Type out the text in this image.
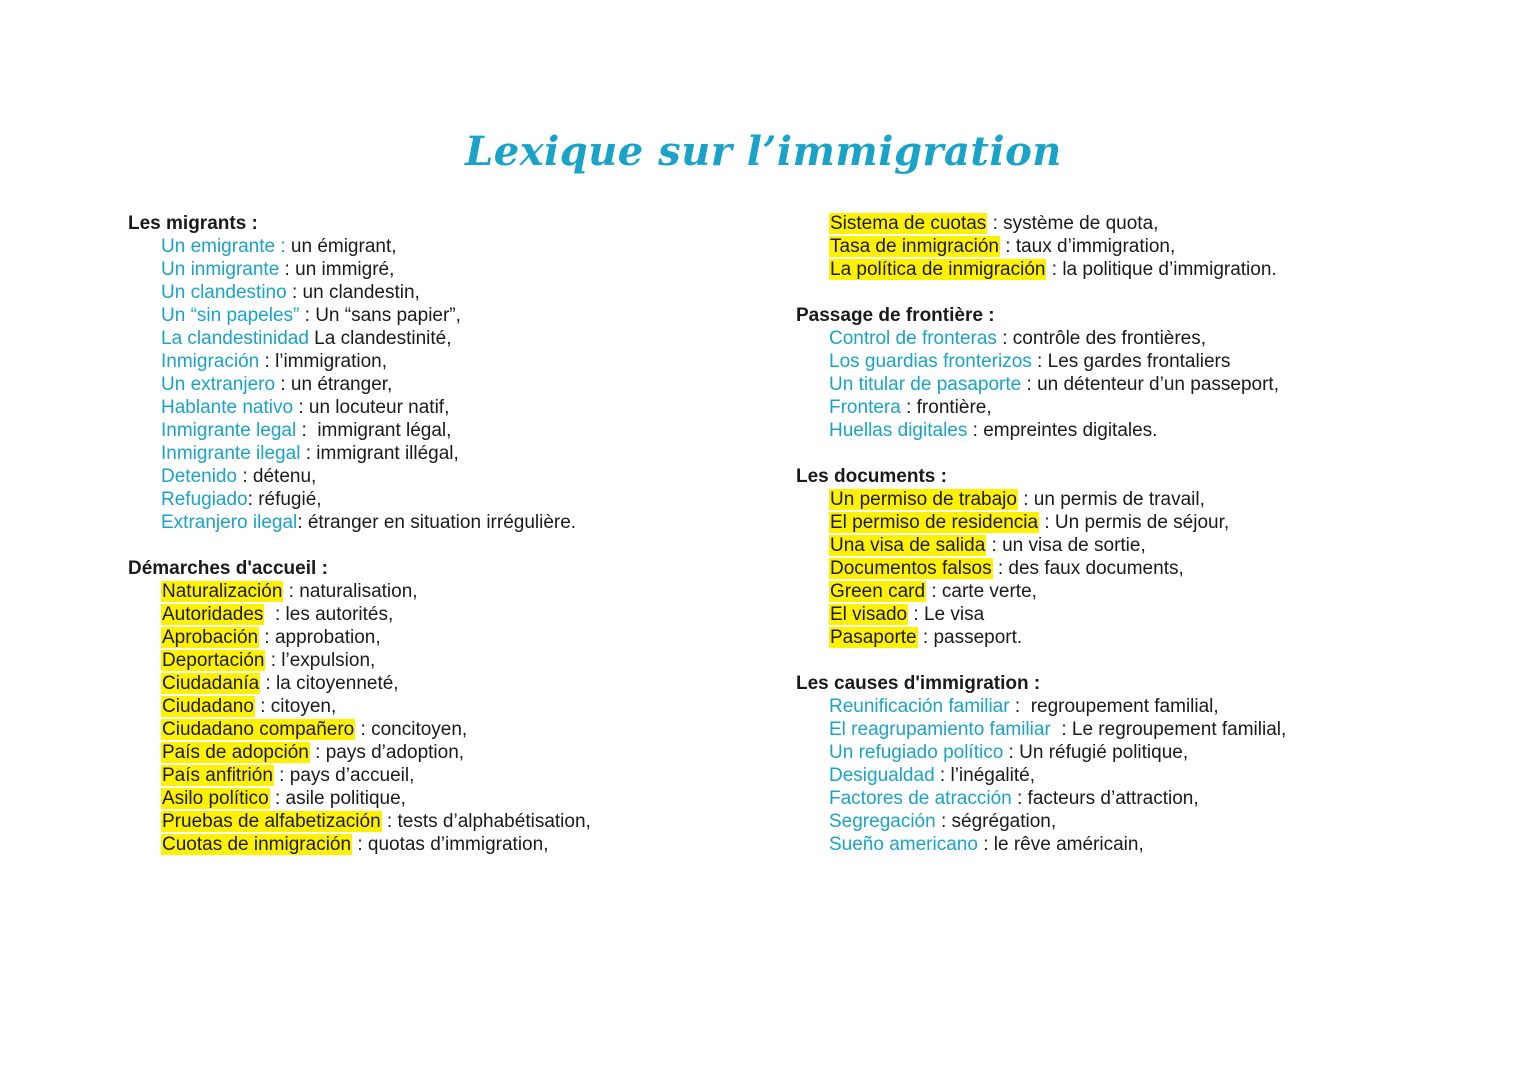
Lexique sur l’immigration
Les migrants :
Un emigrante : un émigrant,
Un inmigrante : un immigré,
Un clandestino : un clandestin,
Un “sin papeles” : Un “sans papier”,
La clandestinidad La clandestinité,
Inmigración : l’immigration,
Un extranjero : un étranger,
Hablante nativo : un locuteur natif,
Inmigrante legal :  immigrant légal,
Inmigrante ilegal : immigrant illégal,
Detenido : détenu,
Refugiado: réfugié,
Extranjero ilegal: étranger en situation irrégulière.
Démarches d'accueil :
Naturalización : naturalisation,
Autoridades  : les autorités,
Aprobación : approbation,
Deportación : l’expulsion,
Ciudadanía : la citoyenneté,
Ciudadano : citoyen,
Ciudadano compañero : concitoyen,
País de adopción : pays d’adoption,
País anfitrión : pays d’accueil,
Asilo político : asile politique,
Pruebas de alfabetización : tests d’alphabétisation,
Cuotas de inmigración : quotas d’immigration,
Sistema de cuotas : système de quota,
Tasa de inmigración : taux d’immigration,
La política de inmigración : la politique d’immigration.
Passage de frontière :
Control de fronteras : contrôle des frontières,
Los guardias fronterizos : Les gardes frontaliers
Un titular de pasaporte : un détenteur d’un passeport,
Frontera : frontière,
Huellas digitales : empreintes digitales.
Les documents :
Un permiso de trabajo : un permis de travail,
El permiso de residencia : Un permis de séjour,
Una visa de salida : un visa de sortie,
Documentos falsos : des faux documents,
Green card : carte verte,
El visado : Le visa
Pasaporte : passeport.
Les causes d'immigration :
Reunificación familiar :  regroupement familial,
El reagrupamiento familiar  : Le regroupement familial,
Un refugiado político : Un réfugié politique,
Desigualdad : l’inégalité,
Factores de atracción : facteurs d’attraction,
Segregación : ségrégation,
Sueño americano : le rêve américain,
